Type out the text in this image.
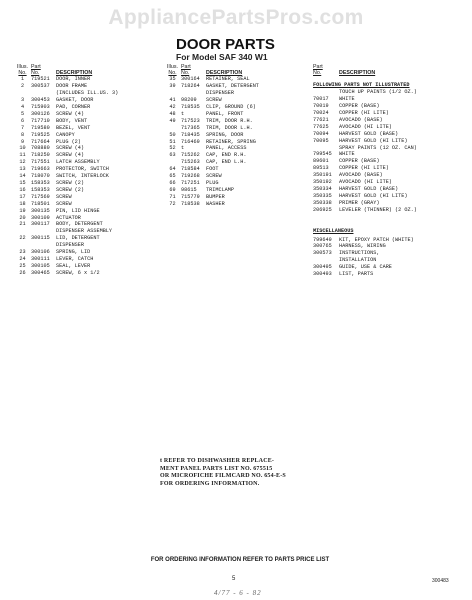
AppliancePartsPros.com
DOOR PARTS
For Model SAF 340 W1
Illus. Part
No. No.	DESCRIPTION
1	719521	DOOR, INNER
2	300537	DOOR FRAME
(INCLUDES ILL.US. 3)
3	300453	GASKET, DOOR
4	715903	PAD, CORNER
5	300126	SCREW (4)
6	717710	BODY, VENT
7	719580	BEZEL, VENT
8	719525	CANOPY
9	717664	PLUG (2)
10	708880	SCREW (4)
11	718250	SCREW (4)
12	717551	LATCH ASSEMBLY
13	719663	PROTECTOR, SWITCH
14	718070	SWITCH, INTERLOCK
15	158353	SCREW (2)
16	158353	SCREW (2)
17	717569	SCREW
18	718501	SCREW
19	300135	PIN, LID HINGE
20	300109	ACTUATOR
21	300117	BODY, DETERGENT
DISPENSER ASSEMBLY
22	300115	LID, DETERGENT
DISPENSER
23	300106	SPRING, LID
24	300111	LEVER, CATCH
25	300105	SEAL, LEVER
26	300465	SCREW, 6 x 1/2
Illus. Part
No. No.	DESCRIPTION
35	300164	RETAINER, SEAL
39	718264	GASKET, DETERGENT
DISPENSER
41	98209	SCREW
42	718535	CLIP, GROUND (6)
48	t	PANEL, FRONT
49	717523	TRIM, DOOR R.H.
717365	TRIM, DOOR L.H.
50	718435	SPRING, DOOR
51	716469	RETAINER, SPRING
52	t	PANEL, ACCESS
63	715262	CAP, END R.H.
715263	CAP, END L.H.
64	718584	FOOT
65	719268	SCREW
66	717251	PLUG
69	98615	TRIMCLAMP
71	715779	BUMPER
72	718538	WASHER
Part
No.	DESCRIPTION
FOLLOWING PARTS NOT ILLUSTRATED
TOUCH UP PAINTS (1/2 OZ.)
70017	WHITE
70019	COPPER (BASE)
70024	COPPER (HI LITE)
77621	AVOCADO (BASE)
77625	AVOCADO (HI LITE)
70094	HARVEST GOLD (BASE)
70095	HARVEST GOLD (HI LITE)
SPRAY PAINTS (12 OZ. CAN)
799545	WHITE
89601	COPPER (BASE)
89513	COPPER (HI LITE)
350191	AVOCADO (BASE)
350192	AVOCADO (HI LITE)
350334	HARVEST GOLD (BASE)
350335	HARVEST GOLD (HI LITE)
350338	PRIMER (GRAY)
206925	LEVELER (THINNER) (2 OZ.)
MISCELLANEOUS
799649	KIT, EPOXY PATCH (WHITE)
300765	HARNESS, WIRING
300573	INSTRUCTIONS,
INSTALLATION
300495	GUIDE, USE & CARE
300493	LIST, PARTS
t REFER TO DISHWASHER REPLACE-
MENT PANEL PARTS LIST NO. 675515
OR MICROFICHE FILMCARD NO. 654-E-S
FOR ORDERING INFORMATION.
FOR ORDERING INFORMATION REFER TO PARTS PRICE LIST
5	300483
4/77 - 6 - 82
